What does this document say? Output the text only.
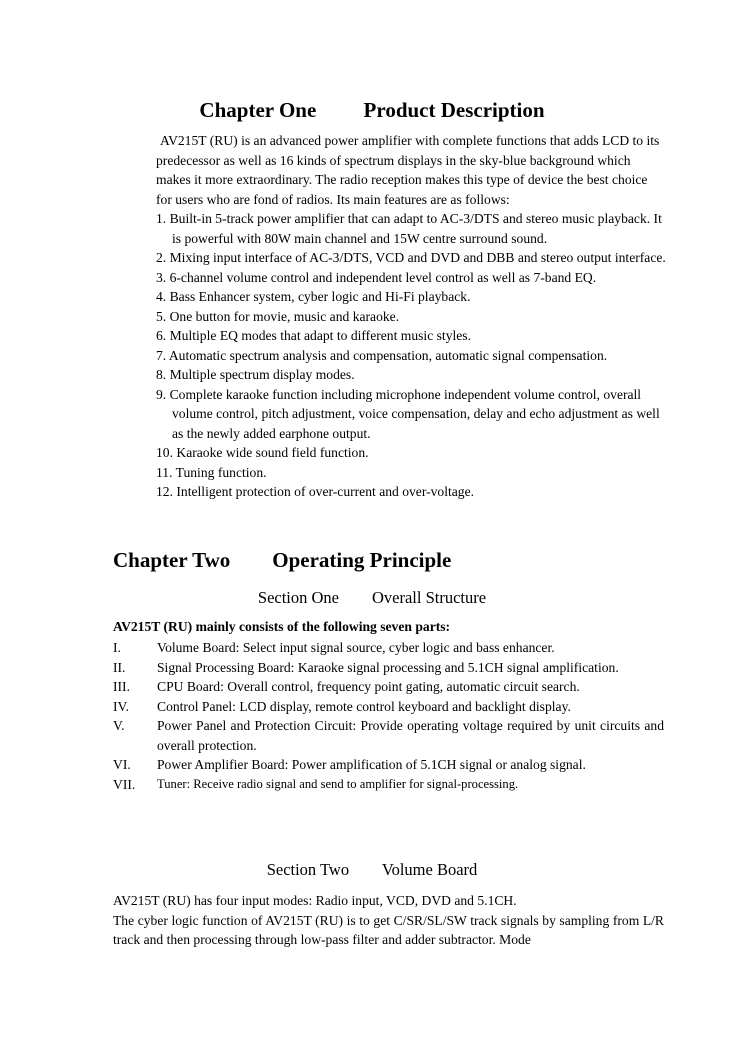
Chapter One Product Description

AV215T (RU) is an advanced power amplifier with complete functions that adds LCD to its predecessor as well as 16 kinds of spectrum displays in the sky-blue background which makes it more extraordinary. The radio reception makes this type of device the best choice for users who are fond of radios. Its main features are as follows:

1. Built-in 5-track power amplifier that can adapt to AC-3/DTS and stereo music playback. It is powerful with 80W main channel and 15W centre surround sound.
2. Mixing input interface of AC-3/DTS, VCD and DVD and DBB and stereo output interface.
3. 6-channel volume control and independent level control as well as 7-band EQ.
4. Bass Enhancer system, cyber logic and Hi-Fi playback.
5. One button for movie, music and karaoke.
6. Multiple EQ modes that adapt to different music styles.
7. Automatic spectrum analysis and compensation, automatic signal compensation.
8. Multiple spectrum display modes.
9. Complete karaoke function including microphone independent volume control, overall volume control, pitch adjustment, voice compensation, delay and echo adjustment as well as the newly added earphone output.
10. Karaoke wide sound field function.
11. Tuning function.
12. Intelligent protection of over-current and over-voltage.
Chapter Two Operating Principle
Section One Overall Structure
AV215T (RU) mainly consists of the following seven parts:
I.	Volume Board: Select input signal source, cyber logic and bass enhancer.
II.	Signal Processing Board: Karaoke signal processing and 5.1CH signal amplification.
III.	CPU Board: Overall control, frequency point gating, automatic circuit search.
IV.	Control Panel: LCD display, remote control keyboard and backlight display.
V.	Power Panel and Protection Circuit: Provide operating voltage required by unit circuits and overall protection.
VI.	Power Amplifier Board: Power amplification of 5.1CH signal or analog signal.
VII.	Tuner: Receive radio signal and send to amplifier for signal-processing.
Section Two Volume Board

AV215T (RU) has four input modes: Radio input, VCD, DVD and 5.1CH.

The cyber logic function of AV215T (RU) is to get C/SR/SL/SW track signals by sampling from L/R track and then processing through low-pass filter and adder subtractor. Mode
